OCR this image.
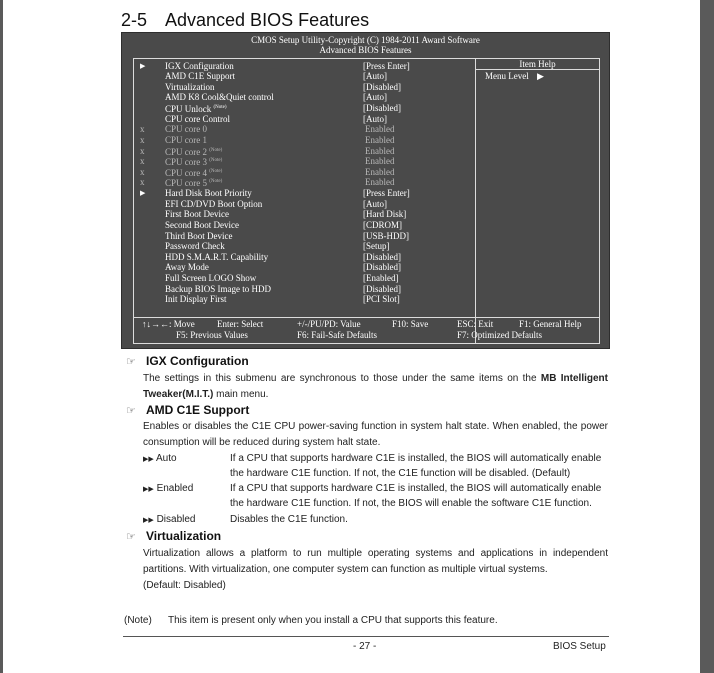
2-5 Advanced BIOS Features
CMOS Setup Utility-Copyright (C) 1984-2011 Award Software
Advanced BIOS Features
Item Help
Menu Level ▶
▶	IGX Configuration	[Press Enter]
AMD C1E Support	[Auto]
Virtualization	[Disabled]
AMD K8 Cool&Quiet control	[Auto]
CPU Unlock $^{(Note)}$	[Disabled]
CPU core Control	[Auto]
x	CPU core 0	Enabled
x	CPU core 1	Enabled
x	CPU core 2 $^{(Note)}$	Enabled
x	CPU core 3 $^{(Note)}$	Enabled
x	CPU core 4 $^{(Note)}$	Enabled
x	CPU core 5 $^{(Note)}$	Enabled
▶	Hard Disk Boot Priority	[Press Enter]
EFI CD/DVD Boot Option	[Auto]
First Boot Device	[Hard Disk]
Second Boot Device	[CDROM]
Third Boot Device	[USB-HDD]
Password Check	[Setup]
HDD S.M.A.R.T. Capability	[Disabled]
Away Mode	[Disabled]
Full Screen LOGO Show	[Enabled]
Backup BIOS Image to HDD	[Disabled]
Init Display First	[PCI Slot]
↑↓→←: Move Enter: Select	+/-/PU/PD: Value	F10: Save	ESC: Exit	F1: General Help
F5: Previous Values	F6: Fail-Safe Defaults	F7: Optimized Defaults
☞ IGX Configuration
The settings in this submenu are synchronous to those under the same items on the MB Intelligent Tweaker(M.I.T.) main menu.
☞ AMD C1E Support
Enables or disables the C1E CPU power-saving function in system halt state. When enabled, the power consumption will be reduced during system halt state.
▶▶ Auto	If a CPU that supports hardware C1E is installed, the BIOS will automatically enable the hardware C1E function. If not, the C1E function will be disabled. (Default)
▶▶ Enabled	If a CPU that supports hardware C1E is installed, the BIOS will automatically enable the hardware C1E function. If not, the BIOS will enable the software C1E function.
▶▶ Disabled	Disables the C1E function.
☞ Virtualization
Virtualization allows a platform to run multiple operating systems and applications in independent partitions. With virtualization, one computer system can function as multiple virtual systems.
(Default: Disabled)
(Note) This item is present only when you install a CPU that supports this feature.
- 27 -	BIOS Setup
